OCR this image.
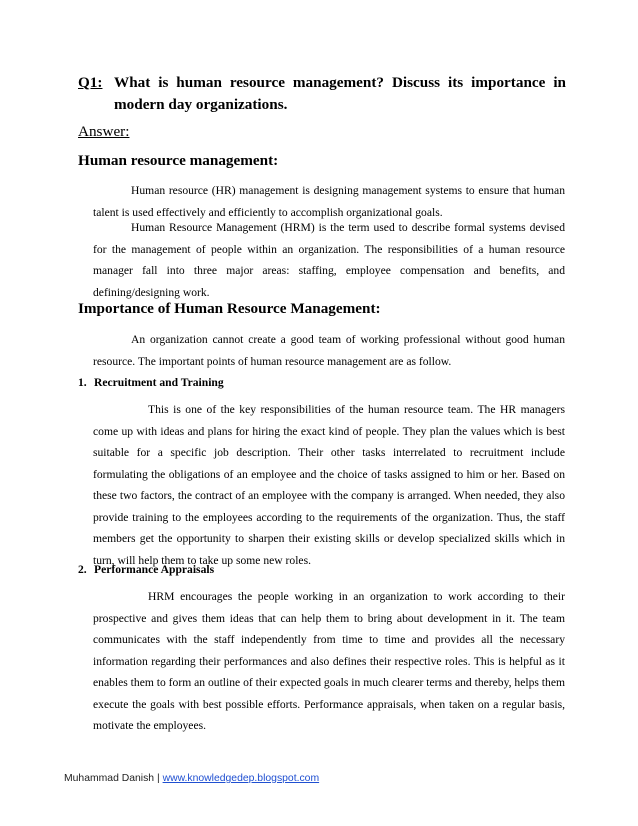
Q1: What is human resource management? Discuss its importance in modern day organizations.
Answer:
Human resource management:
Human resource (HR) management is designing management systems to ensure that human talent is used effectively and efficiently to accomplish organizational goals.
Human Resource Management (HRM) is the term used to describe formal systems devised for the management of people within an organization. The responsibilities of a human resource manager fall into three major areas: staffing, employee compensation and benefits, and defining/designing work.
Importance of Human Resource Management:
An organization cannot create a good team of working professional without good human resource. The important points of human resource management are as follow.
1. Recruitment and Training
This is one of the key responsibilities of the human resource team. The HR managers come up with ideas and plans for hiring the exact kind of people. They plan the values which is best suitable for a specific job description. Their other tasks interrelated to recruitment include formulating the obligations of an employee and the choice of tasks assigned to him or her. Based on these two factors, the contract of an employee with the company is arranged. When needed, they also provide training to the employees according to the requirements of the organization. Thus, the staff members get the opportunity to sharpen their existing skills or develop specialized skills which in turn, will help them to take up some new roles.
2. Performance Appraisals
HRM encourages the people working in an organization to work according to their prospective and gives them ideas that can help them to bring about development in it. The team communicates with the staff independently from time to time and provides all the necessary information regarding their performances and also defines their respective roles. This is helpful as it enables them to form an outline of their expected goals in much clearer terms and thereby, helps them execute the goals with best possible efforts. Performance appraisals, when taken on a regular basis, motivate the employees.
Muhammad Danish | www.knowledgedep.blogspot.com
